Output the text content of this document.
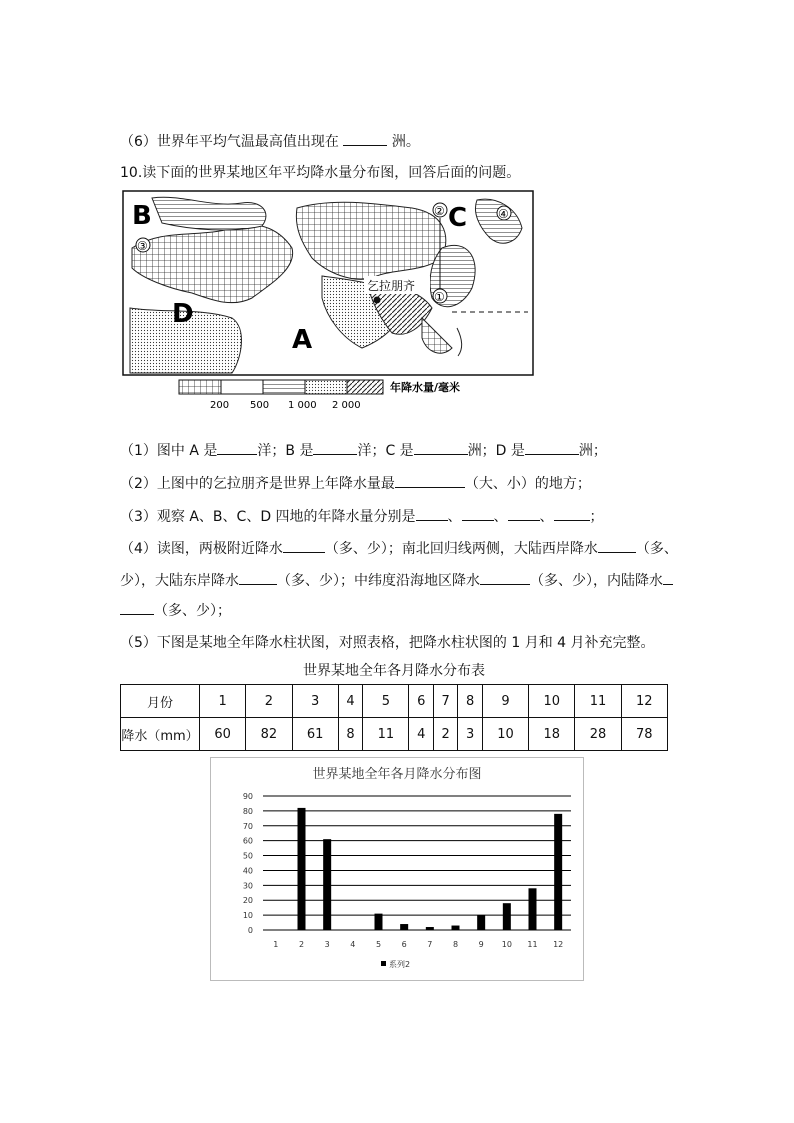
（6）世界年平均气温最高值出现在	洲。
10.读下面的世界某地区年平均降水量分布图，回答后面的问题。
乞拉朋齐
B	C
D
A
②	④
③
①
年降水量/毫米
200 500 1 000 2 000
（1）图中 A 是	洋；B 是	洋；C 是	洲；D 是	洲；
（2）上图中的乞拉朋齐是世界上年降水量最	（大、小）的地方；
（3）观察 A、B、C、D 四地的年降水量分别是 、 、 、	；
（4）读图，两极附近降水	（多、少）；南北回归线两侧，大陆西岸降水	（多、
少），大陆东岸降水	（多、少）；中纬度沿海地区降水	（多、少），内陆降水
（多、少）；
（5）下图是某地全年降水柱状图，对照表格，把降水柱状图的 1 月和 4 月补充完整。
世界某地全年各月降水分布表
月份	1	2	3	4	5	6	7	8	9	10	11	12
降水（mm）	60	82	61	8	11	4	2	3	10	18	28	78
世界某地全年各月降水分布图
0
10
20
30
40
50
60
70
80
90
1	2	3	4	5	6	7	8	9 10 11 12
系列2
